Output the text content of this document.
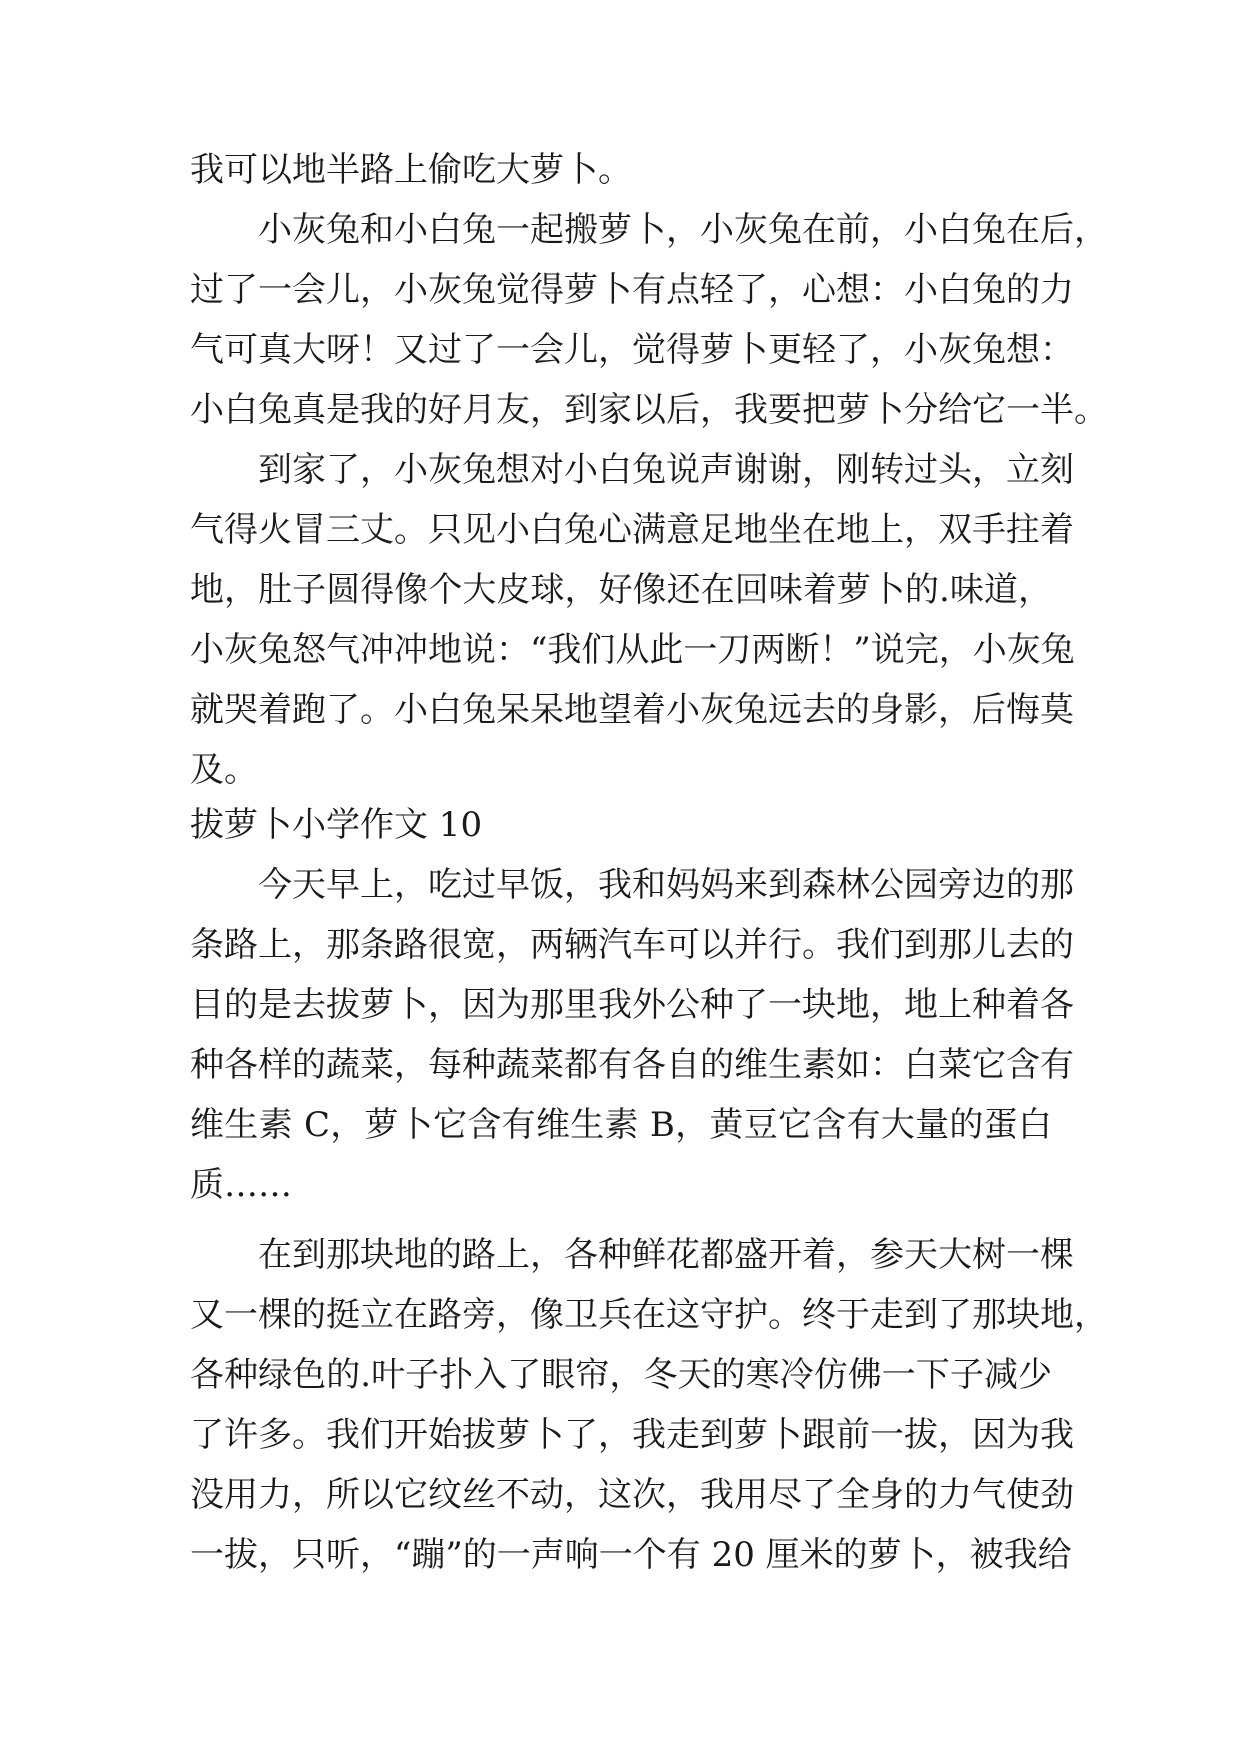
我可以地半路上偷吃大萝卜。
小灰兔和小白兔一起搬萝卜，小灰兔在前，小白兔在后，
过了一会儿，小灰兔觉得萝卜有点轻了，心想：小白兔的力
气可真大呀！又过了一会儿，觉得萝卜更轻了，小灰兔想：
小白兔真是我的好月友，到家以后，我要把萝卜分给它一半。
到家了，小灰兔想对小白兔说声谢谢，刚转过头，立刻
气得火冒三丈。只见小白兔心满意足地坐在地上，双手拄着
地，肚子圆得像个大皮球，好像还在回味着萝卜的.味道，
小灰兔怒气冲冲地说：“我们从此一刀两断！”说完，小灰兔
就哭着跑了。小白兔呆呆地望着小灰兔远去的身影，后悔莫
及。
拔萝卜小学作文 10
今天早上，吃过早饭，我和妈妈来到森林公园旁边的那
条路上，那条路很宽，两辆汽车可以并行。我们到那儿去的
目的是去拔萝卜，因为那里我外公种了一块地，地上种着各
种各样的蔬菜，每种蔬菜都有各自的维生素如：白菜它含有
维生素 C，萝卜它含有维生素 B，黄豆它含有大量的蛋白
质……
在到那块地的路上，各种鲜花都盛开着，参天大树一棵
又一棵的挺立在路旁，像卫兵在这守护。终于走到了那块地，
各种绿色的.叶子扑入了眼帘，冬天的寒冷仿佛一下子减少
了许多。我们开始拔萝卜了，我走到萝卜跟前一拔，因为我
没用力，所以它纹丝不动，这次，我用尽了全身的力气使劲
一拔，只听，“蹦”的一声响一个有 20 厘米的萝卜，被我给
